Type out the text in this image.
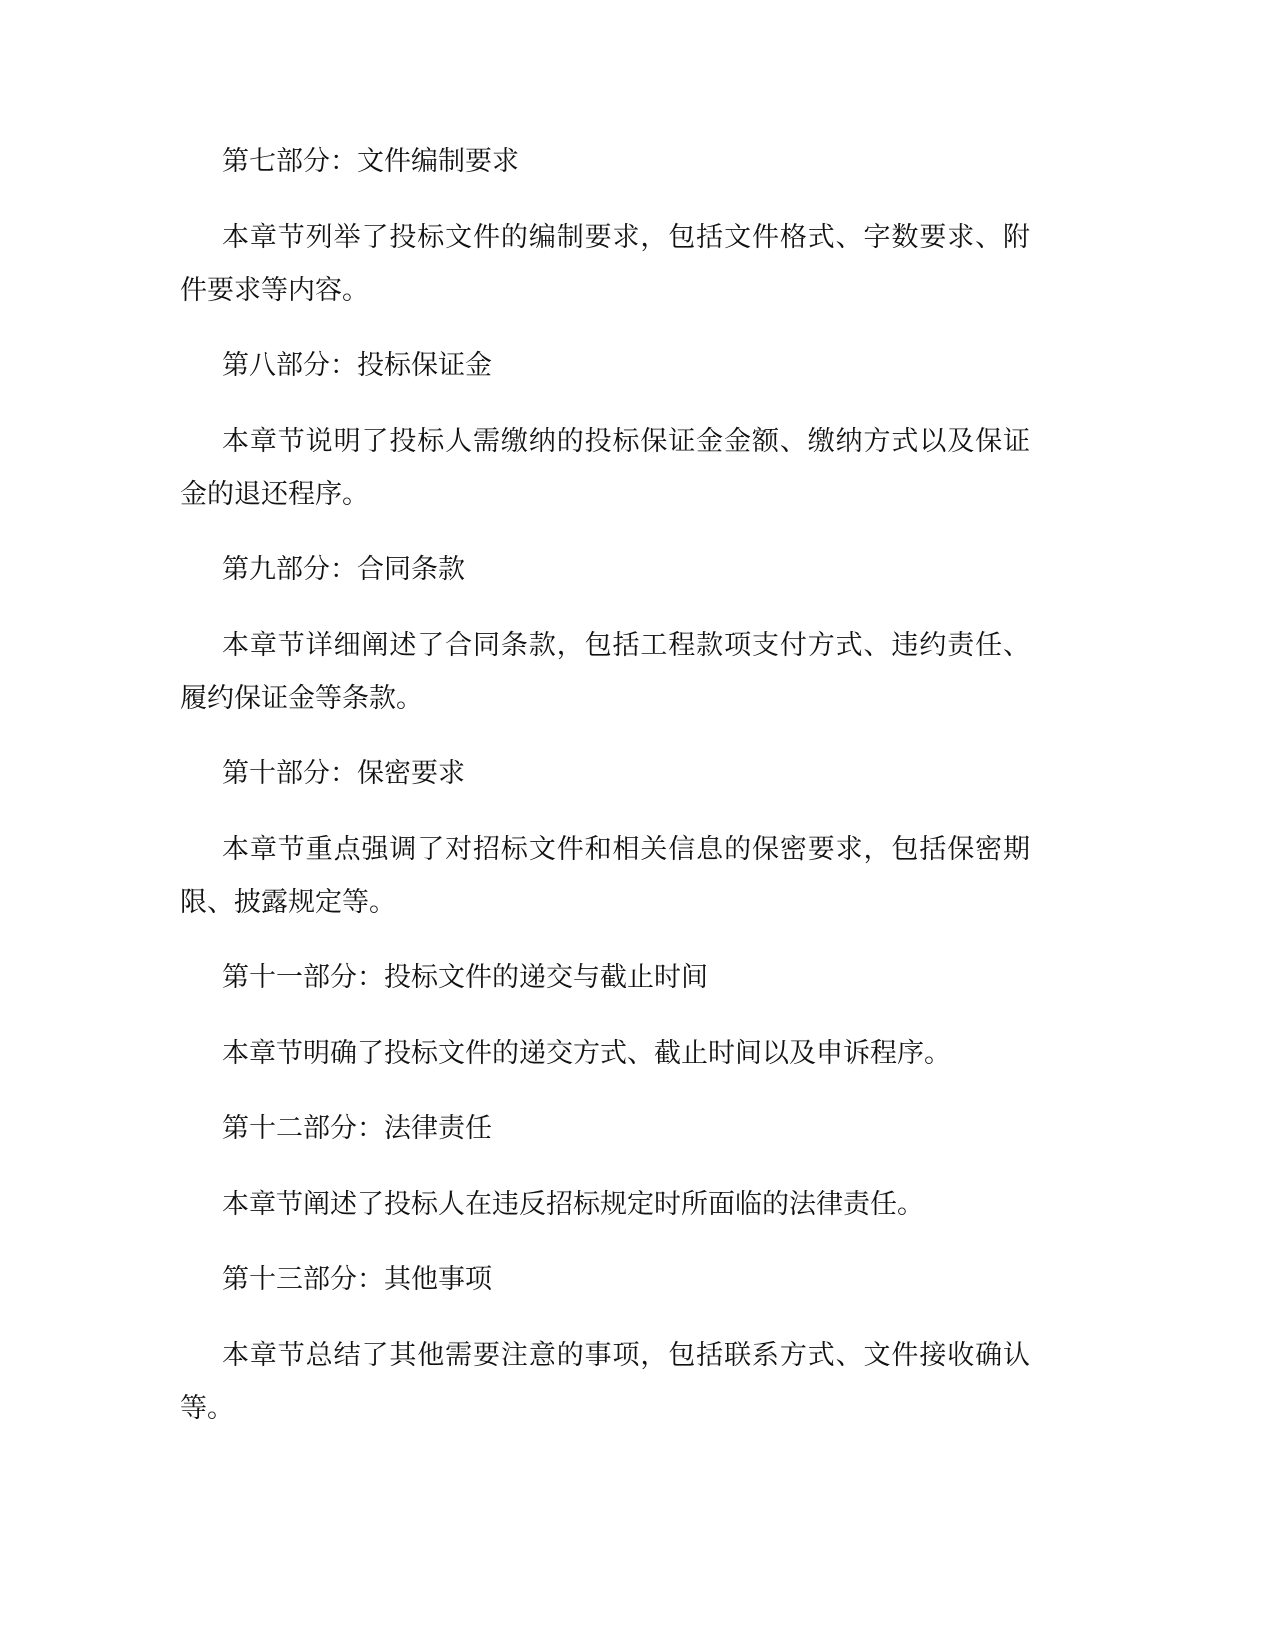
第七部分：文件编制要求

本章节列举了投标文件的编制要求，包括文件格式、字数要求、附件要求等内容。

第八部分：投标保证金

本章节说明了投标人需缴纳的投标保证金金额、缴纳方式以及保证金的退还程序。

第九部分：合同条款

本章节详细阐述了合同条款，包括工程款项支付方式、违约责任、履约保证金等条款。

第十部分：保密要求

本章节重点强调了对招标文件和相关信息的保密要求，包括保密期限、披露规定等。

第十一部分：投标文件的递交与截止时间

本章节明确了投标文件的递交方式、截止时间以及申诉程序。

第十二部分：法律责任

本章节阐述了投标人在违反招标规定时所面临的法律责任。

第十三部分：其他事项

本章节总结了其他需要注意的事项，包括联系方式、文件接收确认等。
